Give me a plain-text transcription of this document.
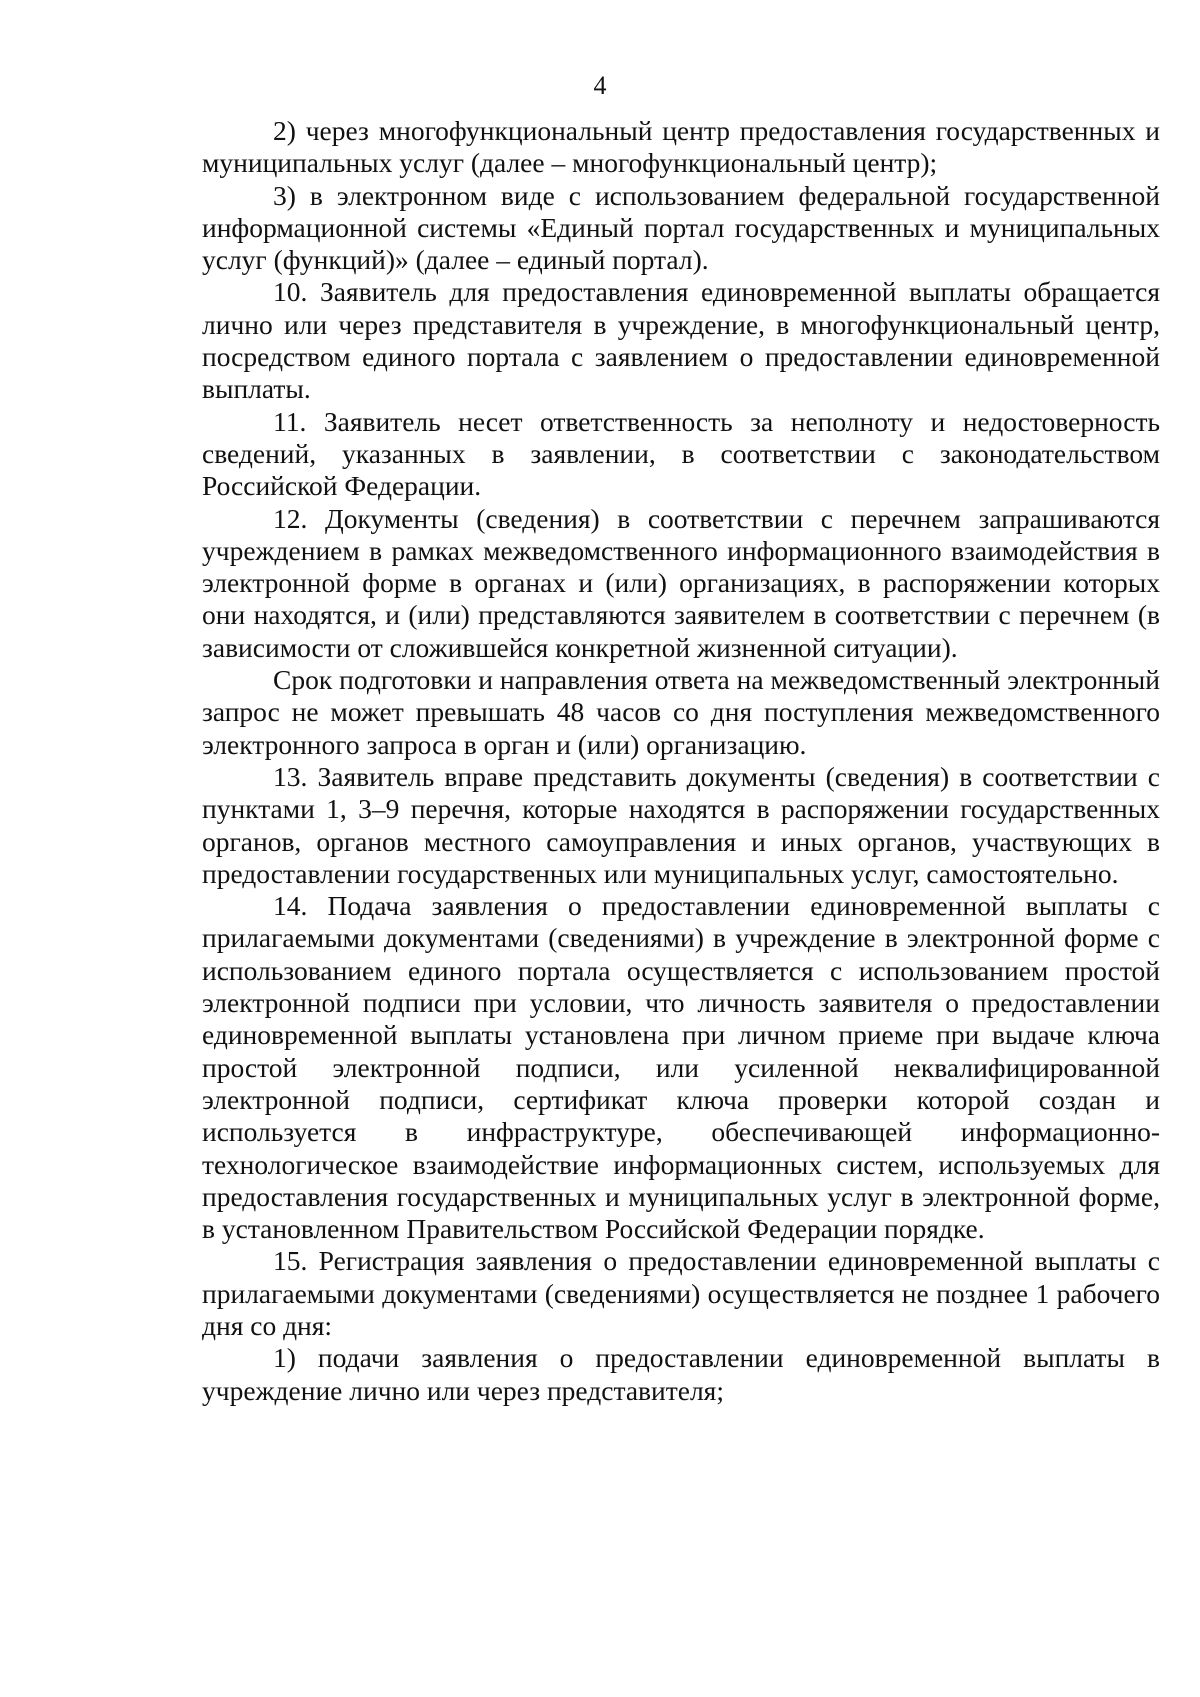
4

2) через многофункциональный центр предоставления государственных и муниципальных услуг (далее – многофункциональный центр);

3) в электронном виде с использованием федеральной государственной информационной системы «Единый портал государственных и муниципальных услуг (функций)» (далее – единый портал).

10. Заявитель для предоставления единовременной выплаты обращается лично или через представителя в учреждение, в многофункциональный центр, посредством единого портала с заявлением о предоставлении единовременной выплаты.

11. Заявитель несет ответственность за неполноту и недостоверность сведений, указанных в заявлении, в соответствии с законодательством Российской Федерации.

12. Документы (сведения) в соответствии с перечнем запрашиваются учреждением в рамках межведомственного информационного взаимодействия в электронной форме в органах и (или) организациях, в распоряжении которых они находятся, и (или) представляются заявителем в соответствии с перечнем (в зависимости от сложившейся конкретной жизненной ситуации).

Срок подготовки и направления ответа на межведомственный электронный запрос не может превышать 48 часов со дня поступления межведомственного электронного запроса в орган и (или) организацию.

13. Заявитель вправе представить документы (сведения) в соответствии с пунктами 1, 3–9 перечня, которые находятся в распоряжении государственных органов, органов местного самоуправления и иных органов, участвующих в предоставлении государственных или муниципальных услуг, самостоятельно.

14. Подача заявления о предоставлении единовременной выплаты с прилагаемыми документами (сведениями) в учреждение в электронной форме с использованием единого портала осуществляется с использованием простой электронной подписи при условии, что личность заявителя о предоставлении единовременной выплаты установлена при личном приеме при выдаче ключа простой электронной подписи, или усиленной неквалифицированной электронной подписи, сертификат ключа проверки которой создан и используется в инфраструктуре, обеспечивающей информационно-технологическое взаимодействие информационных систем, используемых для предоставления государственных и муниципальных услуг в электронной форме, в установленном Правительством Российской Федерации порядке.

15. Регистрация заявления о предоставлении единовременной выплаты с прилагаемыми документами (сведениями) осуществляется не позднее 1 рабочего дня со дня:

1) подачи заявления о предоставлении единовременной выплаты в учреждение лично или через представителя;
